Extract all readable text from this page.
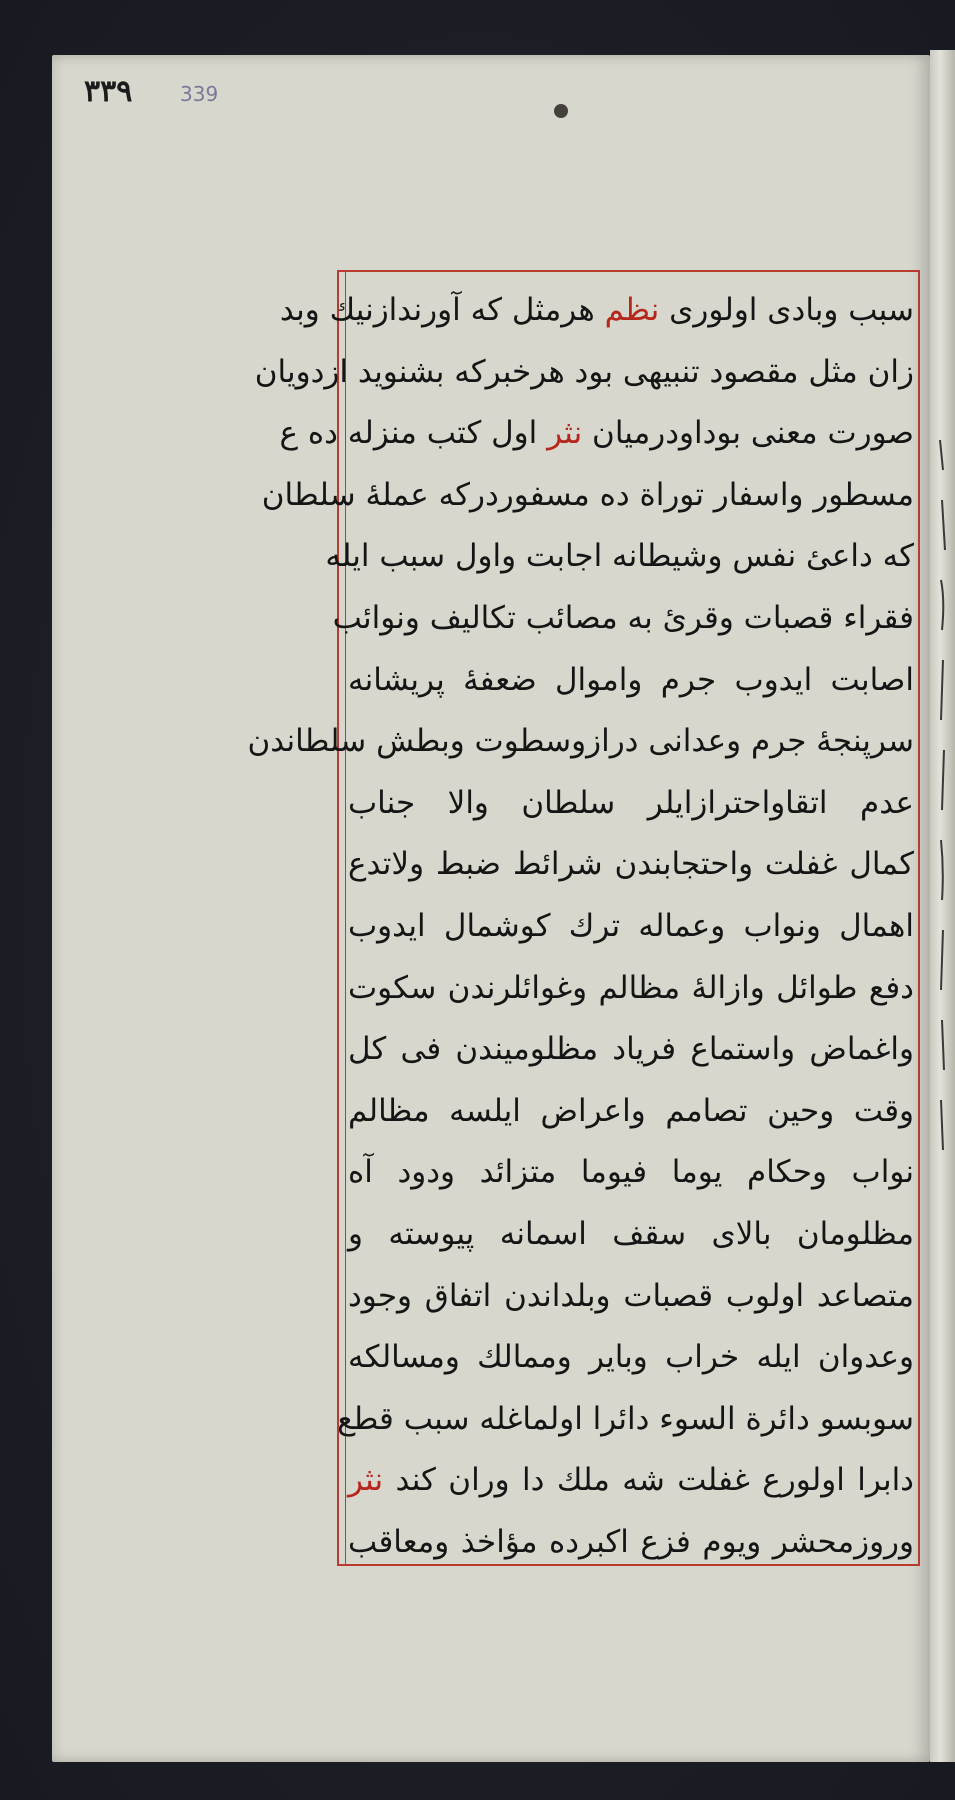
٣٣٩ 339
سبب وبادی اولوری نظم هرمثل که آورندازنیك وبد
زان مثل مقصود تنبیهی بود هرخبرکه بشنوید ازدویان
صورت معنی بوداودرمیان نثر اول کتب منزله ده ع
مسطور واسفار توراة ده مسفوردرکه عملهٔ سلطان
که داعئ نفس وشیطانه اجابت واول سبب ایله
فقراء قصبات وقرئ به مصائب تکالیف ونوائب
اصابت ایدوب جرم واموال ضعفهٔ پریشانه
سرپنجهٔ جرم وعدانی درازوسطوت وبطش سلطاندن
عدم اتقاواحترازایلر سلطان والا جناب
کمال غفلت واحتجابندن شرائط ضبط ولاتدع
اهمال ونواب وعماله ترك کوشمال ایدوب
دفع طوائل وازالهٔ مظالم وغوائلرندن سکوت
واغماض واستماع فریاد مظلومیندن فی کل
وقت وحین تصامم واعراض ایلسه مظالم
نواب وحکام یوما فیوما متزائد ودود آه
مظلومان بالای سقف اسمانه پیوسته و
متصاعد اولوب قصبات وبلداندن اتفاق وجود
وعدوان ایله خراب وبایر وممالك ومسالکه
سوبسو دائرة السوء دائرا اولماغله سبب قطع
دابرا اولورع غفلت شه ملك دا وران کند نثر
وروزمحشر ویوم فزع اکبرده مؤاخذ ومعاقب
